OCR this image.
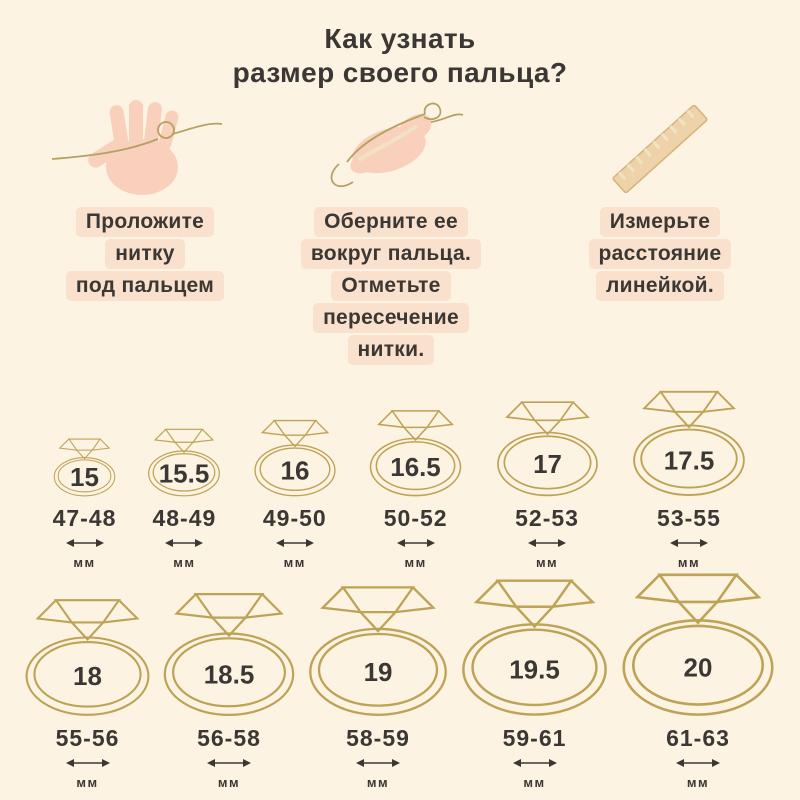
Как узнать
размер своего пальца?
Проложите
нитку
под пальцем
Оберните ее
вокруг пальца.
Отметьте
пересечение
нитки.
Измерьте
расстояние
линейкой.
15
47-48
мм
15.5
48-49
мм
16
49-50
мм
16.5
50-52
мм
17
52-53
мм
17.5
53-55
мм
18
55-56
мм
18.5
56-58
мм
19
58-59
мм
19.5
59-61
мм
20
61-63
мм
